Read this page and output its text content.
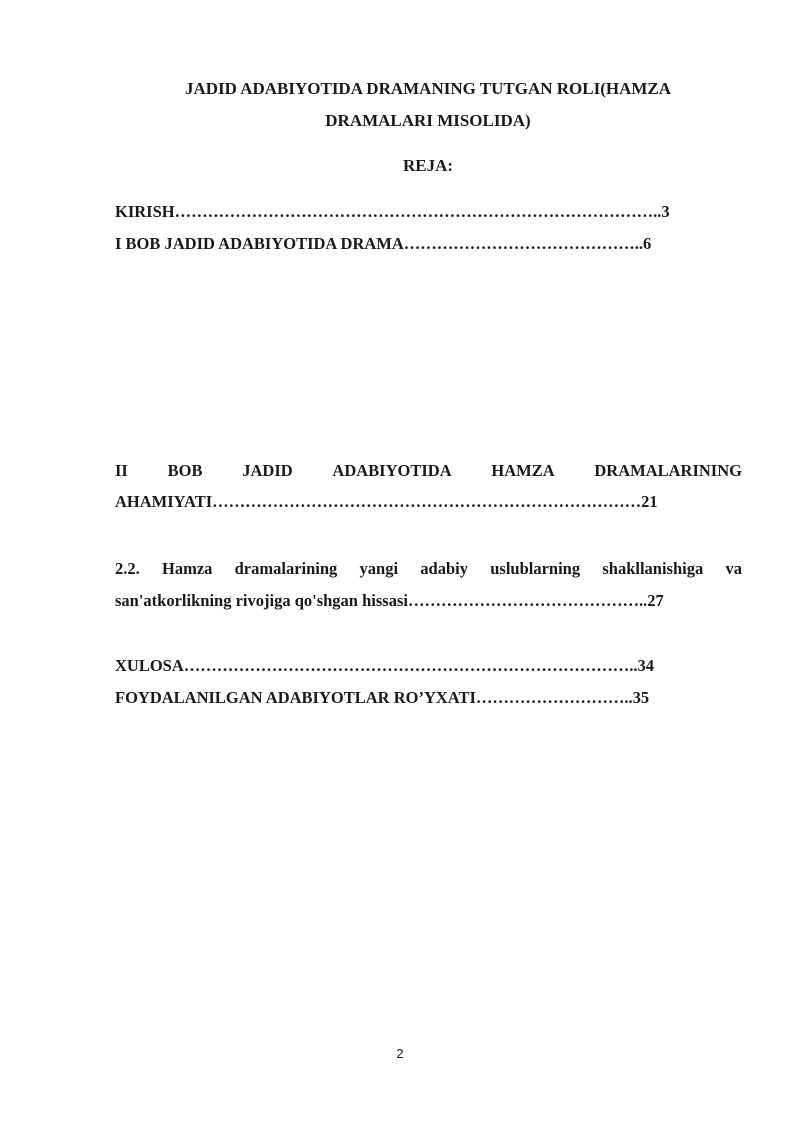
JADID ADABIYOTIDA DRAMANING TUTGAN ROLI(HAMZA
DRAMALARI MISOLIDA)
REJA:
KIRISH……………………………………………………………………………..3
I BOB JADID ADABIYOTIDA DRAMA……………………………………..6
II BOB JADID ADABIYOTIDA HAMZA DRAMALARINING
AHAMIYATI……………………………………………………………………21
2.2. Hamza dramalarining yangi adabiy uslublarning shakllanishiga va
san'atkorlikning rivojiga qo'shgan hissasi……………………………………..27
XULOSA………………………………………………………………………..34
FOYDALANILGAN ADABIYOTLAR RO’YXATI………………………..35
2
